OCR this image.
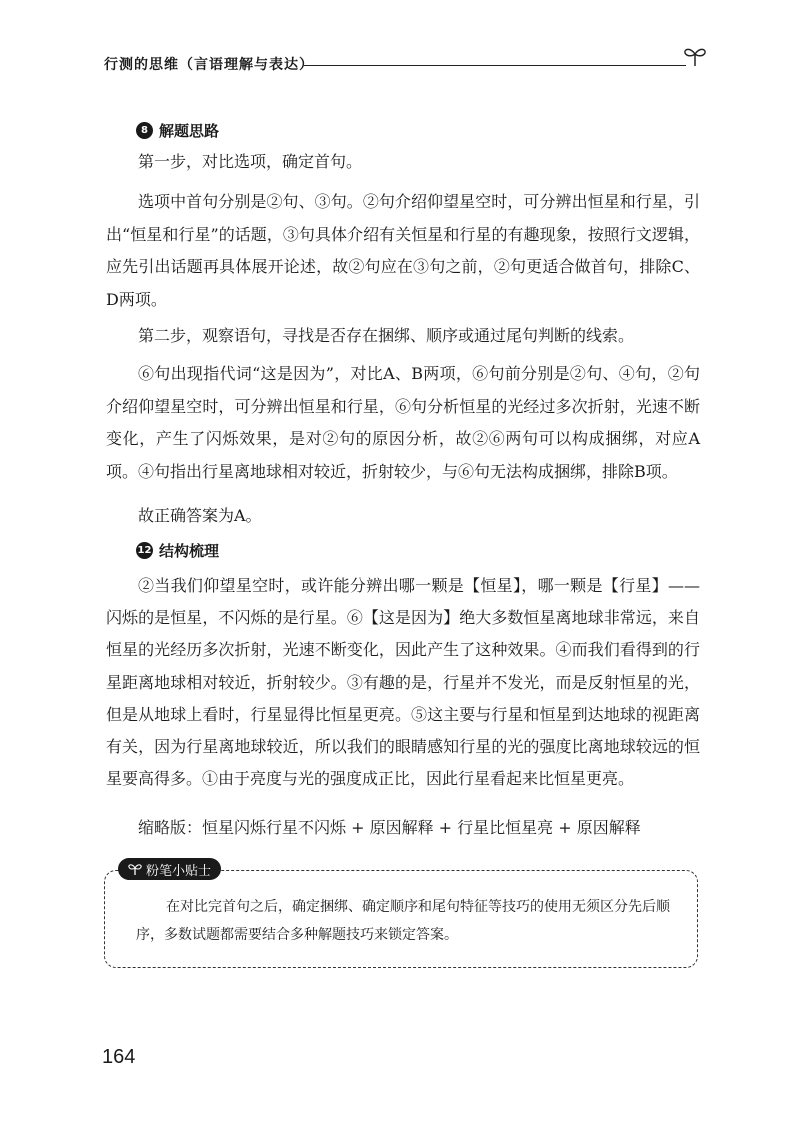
行测的思维（言语理解与表达）
8 解题思路

第一步，对比选项，确定首句。

选项中首句分别是②句、③句。②句介绍仰望星空时，可分辨出恒星和行星，引出“恒星和行星”的话题，③句具体介绍有关恒星和行星的有趣现象，按照行文逻辑，应先引出话题再具体展开论述，故②句应在③句之前，②句更适合做首句，排除C、D两项。

第二步，观察语句，寻找是否存在捆绑、顺序或通过尾句判断的线索。

⑥句出现指代词“这是因为”，对比A、B两项，⑥句前分别是②句、④句，②句介绍仰望星空时，可分辨出恒星和行星，⑥句分析恒星的光经过多次折射，光速不断变化，产生了闪烁效果，是对②句的原因分析，故②⑥两句可以构成捆绑，对应A项。④句指出行星离地球相对较近，折射较少，与⑥句无法构成捆绑，排除B项。

故正确答案为A。

12 结构梳理

②当我们仰望星空时，或许能分辨出哪一颗是【恒星】，哪一颗是【行星】——闪烁的是恒星，不闪烁的是行星。⑥【这是因为】绝大多数恒星离地球非常远，来自恒星的光经历多次折射，光速不断变化，因此产生了这种效果。④而我们看得到的行星距离地球相对较近，折射较少。③有趣的是，行星并不发光，而是反射恒星的光，但是从地球上看时，行星显得比恒星更亮。⑤这主要与行星和恒星到达地球的视距离有关，因为行星离地球较近，所以我们的眼睛感知行星的光的强度比离地球较远的恒星要高得多。①由于亮度与光的强度成正比，因此行星看起来比恒星更亮。

缩略版：恒星闪烁行星不闪烁 + 原因解释 + 行星比恒星亮 + 原因解释

粉笔小贴士

在对比完首句之后，确定捆绑、确定顺序和尾句特征等技巧的使用无须区分先后顺序，多数试题都需要结合多种解题技巧来锁定答案。

164
